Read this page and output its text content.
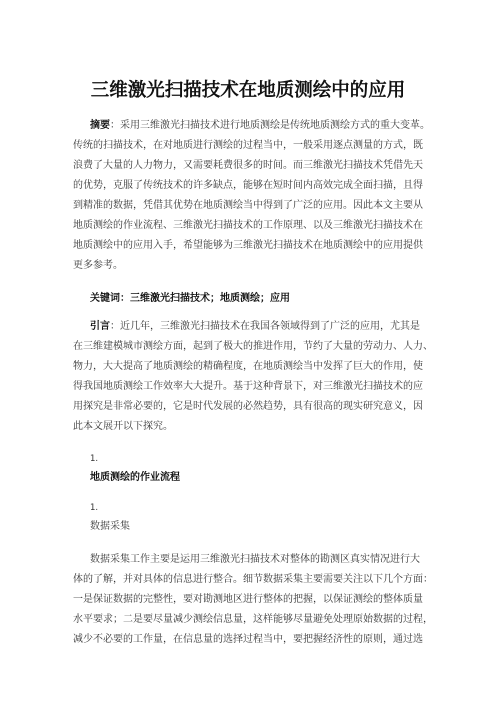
三维激光扫描技术在地质测绘中的应用
摘要：采用三维激光扫描技术进行地质测绘是传统地质测绘方式的重大变革。
传统的扫描技术，在对地质进行测绘的过程当中，一般采用逐点测量的方式，既
浪费了大量的人力物力，又需要耗费很多的时间。而三维激光扫描技术凭借先天
的优势，克服了传统技术的许多缺点，能够在短时间内高效完成全面扫描，且得
到精准的数据，凭借其优势在地质测绘当中得到了广泛的应用。因此本文主要从
地质测绘的作业流程、三维激光扫描技术的工作原理、以及三维激光扫描技术在
地质测绘中的应用入手，希望能够为三维激光扫描技术在地质测绘中的应用提供
更多参考。
关键词：三维激光扫描技术；地质测绘；应用
引言：近几年，三维激光扫描技术在我国各领域得到了广泛的应用，尤其是
在三维建模城市测绘方面，起到了极大的推进作用，节约了大量的劳动力、人力、
物力，大大提高了地质测绘的精确程度，在地质测绘当中发挥了巨大的作用，使
得我国地质测绘工作效率大大提升。基于这种背景下，对三维激光扫描技术的应
用探究是非常必要的，它是时代发展的必然趋势，具有很高的现实研究意义，因
此本文展开以下探究。
1.
地质测绘的作业流程
1.
数据采集
数据采集工作主要是运用三维激光扫描技术对整体的勘测区真实情况进行大
体的了解，并对具体的信息进行整合。细节数据采集主要需要关注以下几个方面：
一是保证数据的完整性，要对勘测地区进行整体的把握，以保证测绘的整体质量
水平要求；二是要尽量减少测绘信息量，这样能够尽量避免处理原始数据的过程，
减少不必要的工作量，在信息量的选择过程当中，要把握经济性的原则，通过选
